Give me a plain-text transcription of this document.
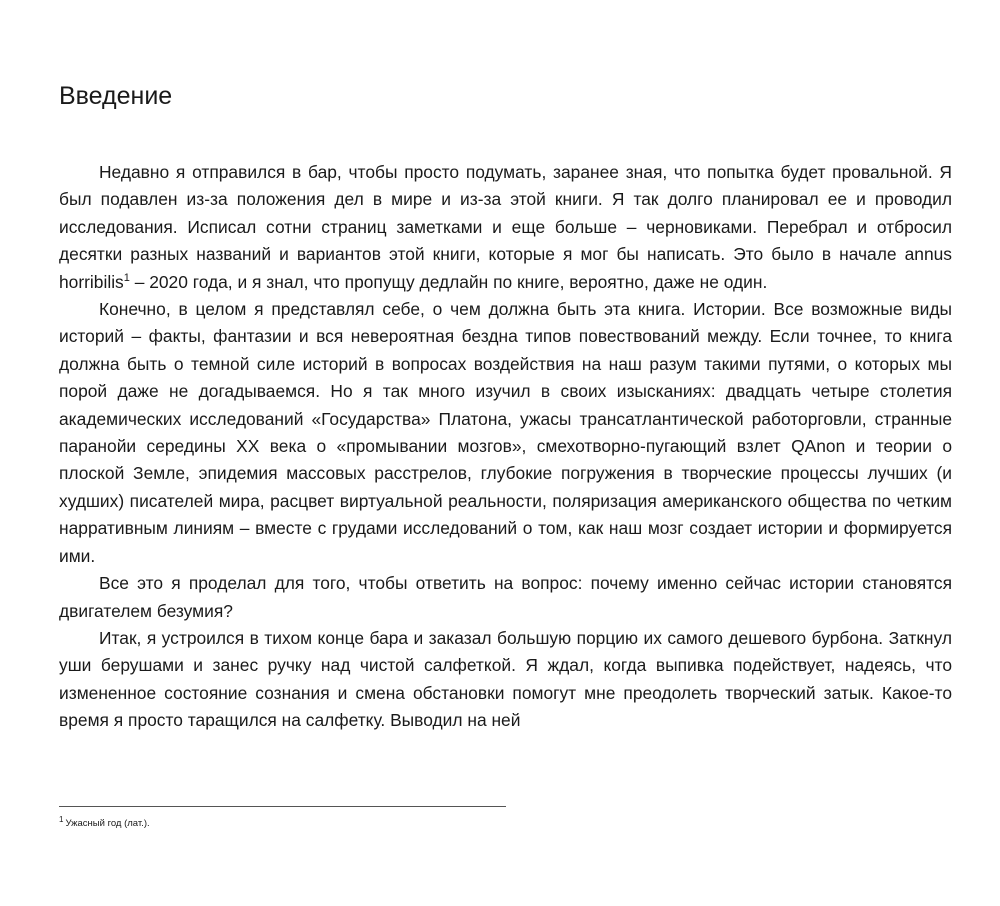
Введение

Недавно я отправился в бар, чтобы просто подумать, заранее зная, что попытка будет провальной. Я был подавлен из-за положения дел в мире и из-за этой книги. Я так долго планировал ее и проводил исследования. Исписал сотни страниц заметками и еще больше – черновиками. Перебрал и отбросил десятки разных названий и вариантов этой книги, которые я мог бы написать. Это было в начале annus horribilis$^1$ – 2020 года, и я знал, что пропущу дедлайн по книге, вероятно, даже не один.

Конечно, в целом я представлял себе, о чем должна быть эта книга. Истории. Все возможные виды историй – факты, фантазии и вся невероятная бездна типов повествований между. Если точнее, то книга должна быть о темной силе историй в вопросах воздействия на наш разум такими путями, о которых мы порой даже не догадываемся. Но я так много изучил в своих изысканиях: двадцать четыре столетия академических исследований «Государства» Платона, ужасы трансатлантической работорговли, странные паранойи середины XX века о «промывании мозгов», смехотворно-пугающий взлет QAnon и теории о плоской Земле, эпидемия массовых расстрелов, глубокие погружения в творческие процессы лучших (и худших) писателей мира, расцвет виртуальной реальности, поляризация американского общества по четким нарративным линиям – вместе с грудами исследований о том, как наш мозг создает истории и формируется ими.

Все это я проделал для того, чтобы ответить на вопрос: почему именно сейчас истории становятся двигателем безумия?

Итак, я устроился в тихом конце бара и заказал большую порцию их самого дешевого бурбона. Заткнул уши берушами и занес ручку над чистой салфеткой. Я ждал, когда выпивка подействует, надеясь, что измененное состояние сознания и смена обстановки помогут мне преодолеть творческий затык. Какое-то время я просто таращился на салфетку. Выводил на ней

$^1$ Ужасный год (лат.).
